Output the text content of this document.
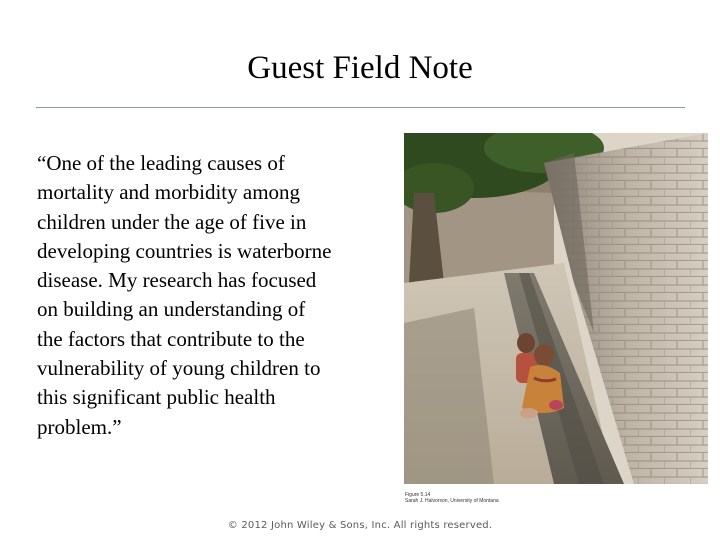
Guest Field Note
“One of the leading causes of
mortality and morbidity among
children under the age of five in
developing countries is waterborne
disease. My research has focused
on building an understanding of
the factors that contribute to the
vulnerability of young children to
this significant public health
problem.”
Figure 5.14
Sarah J. Halvorson, University of Montana
© 2012 John Wiley & Sons, Inc. All rights reserved.
